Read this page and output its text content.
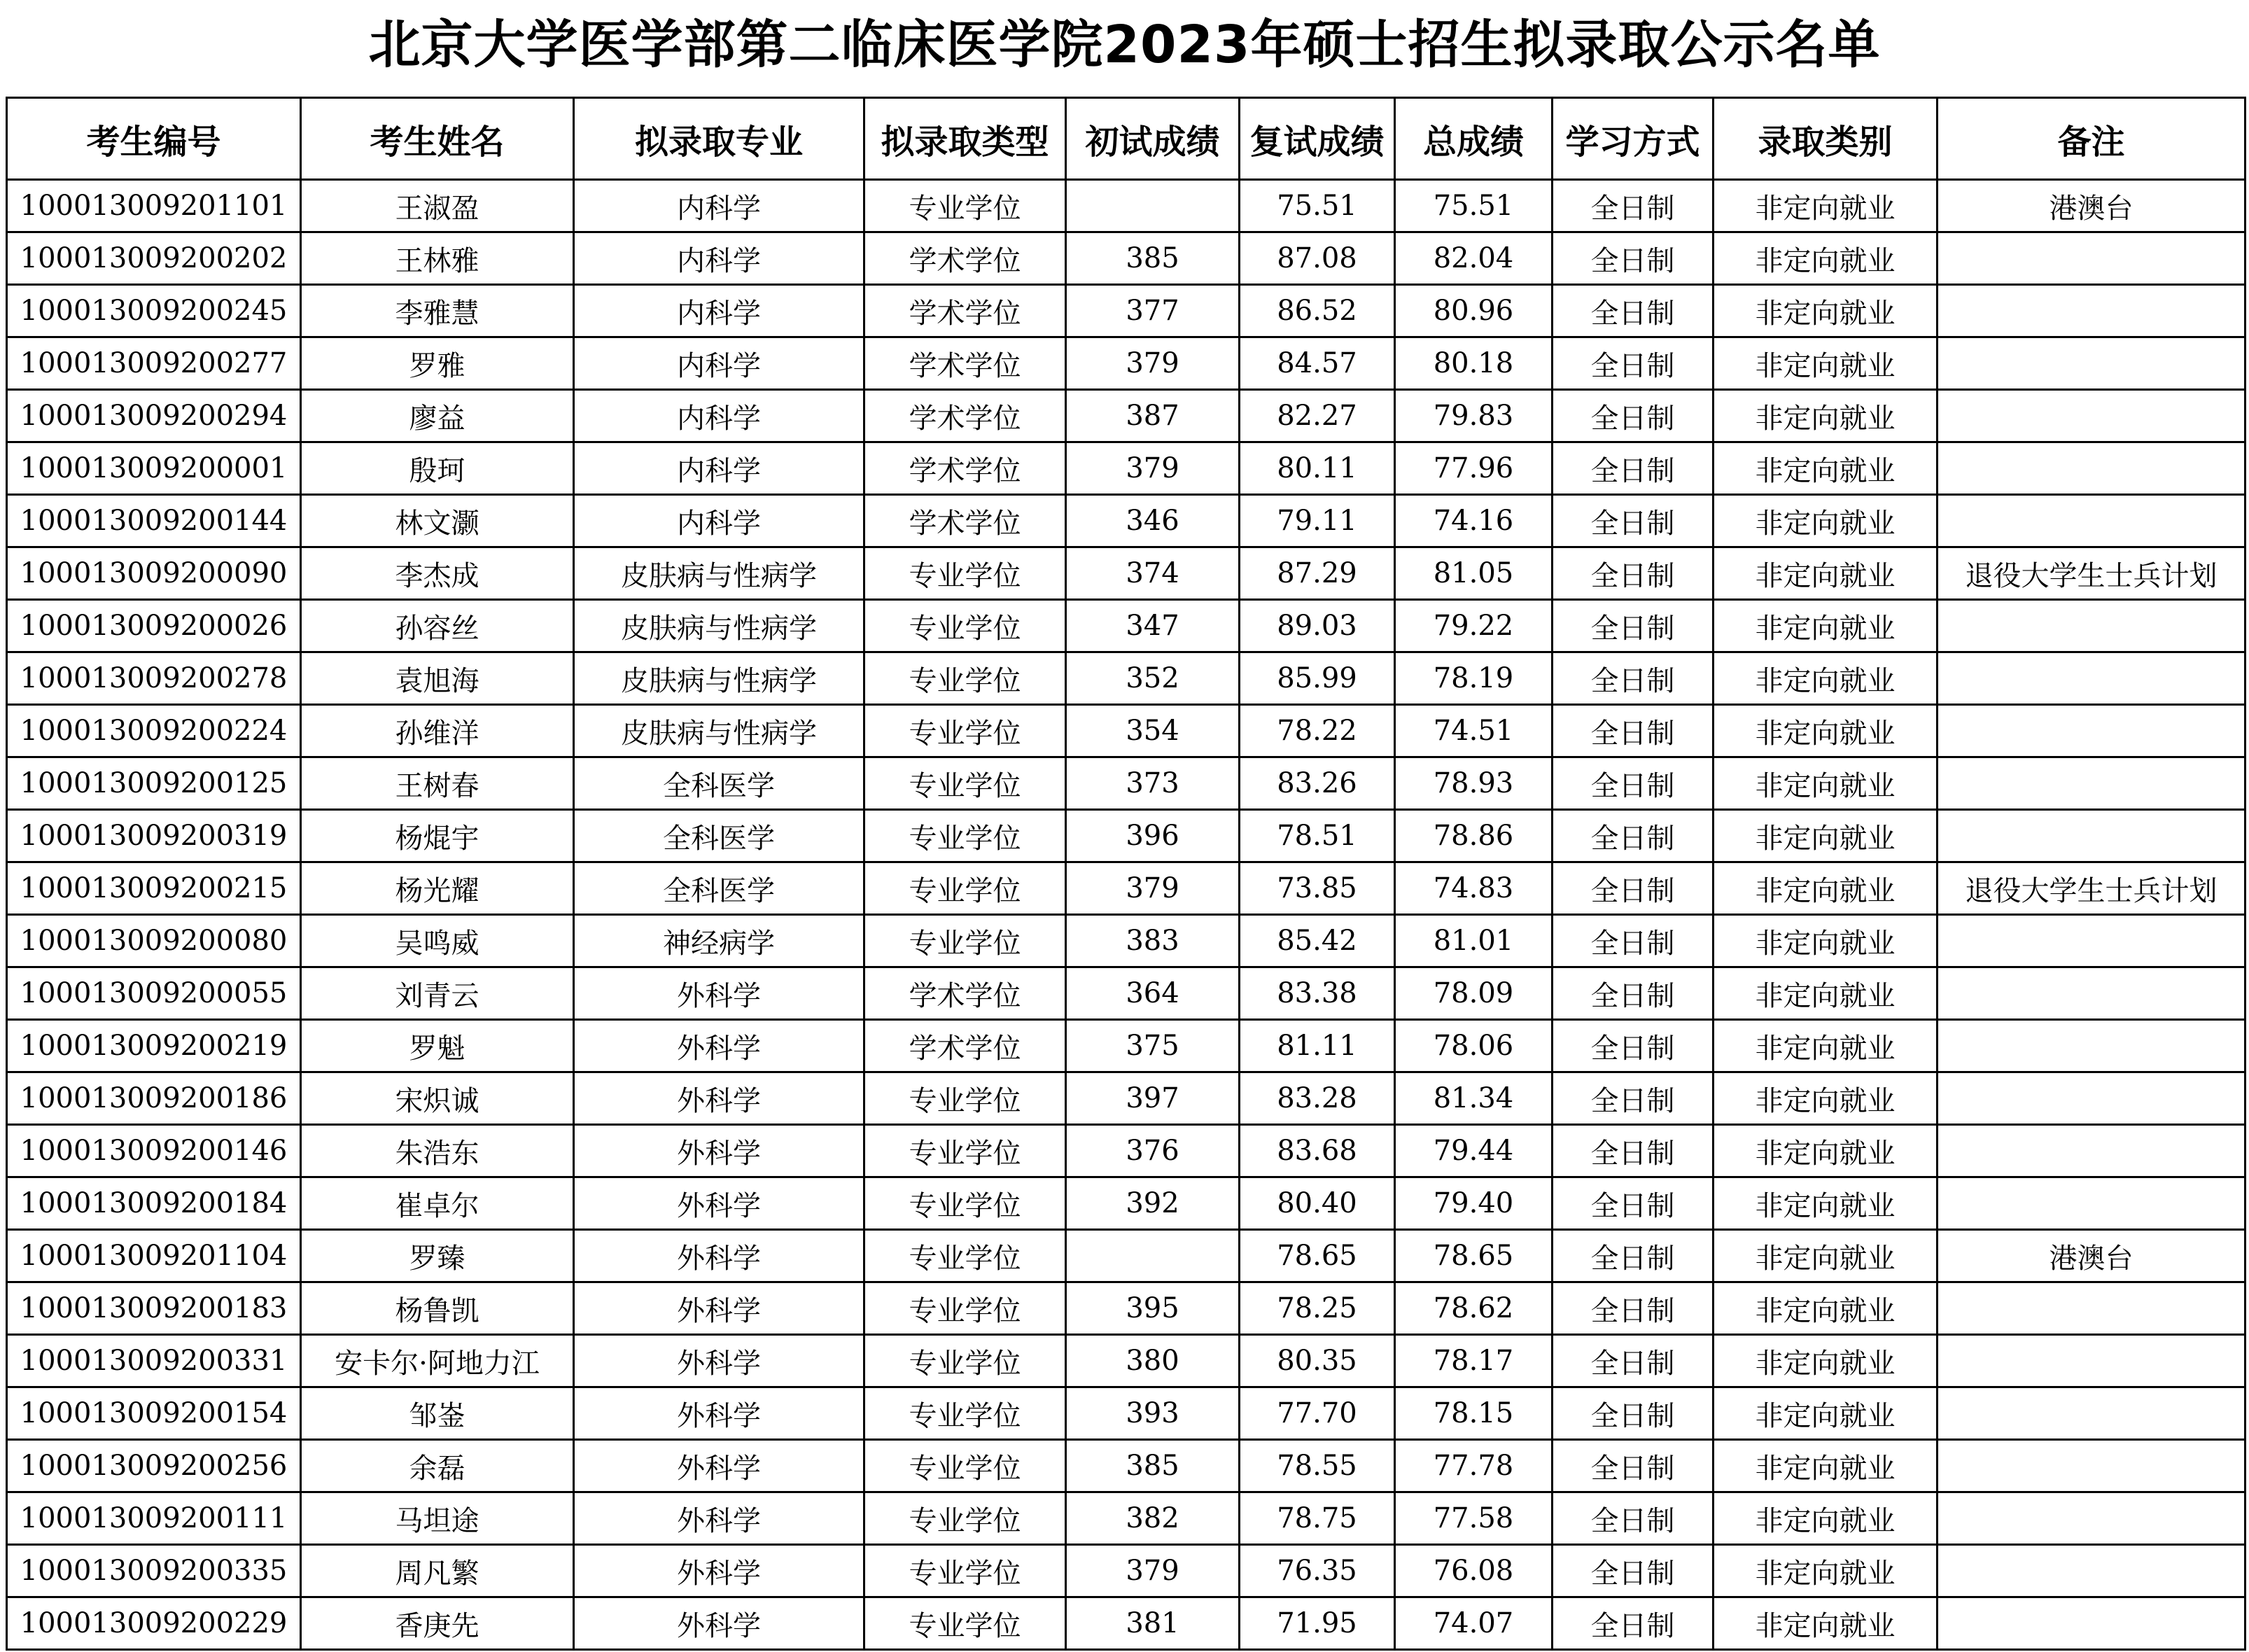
北京大学医学部第二临床医学院2023年硕士招生拟录取公示名单
考生编号	考生姓名	拟录取专业	拟录取类型	初试成绩	复试成绩	总成绩	学习方式	录取类别	备注
100013009201101	王淑盈	内科学	专业学位		75.51	75.51	全日制	非定向就业	港澳台
100013009200202	王林雅	内科学	学术学位	385	87.08	82.04	全日制	非定向就业	
100013009200245	李雅慧	内科学	学术学位	377	86.52	80.96	全日制	非定向就业	
100013009200277	罗雅	内科学	学术学位	379	84.57	80.18	全日制	非定向就业	
100013009200294	廖益	内科学	学术学位	387	82.27	79.83	全日制	非定向就业	
100013009200001	殷珂	内科学	学术学位	379	80.11	77.96	全日制	非定向就业	
100013009200144	林文灏	内科学	学术学位	346	79.11	74.16	全日制	非定向就业	
100013009200090	李杰成	皮肤病与性病学	专业学位	374	87.29	81.05	全日制	非定向就业	退役大学生士兵计划
100013009200026	孙容丝	皮肤病与性病学	专业学位	347	89.03	79.22	全日制	非定向就业	
100013009200278	袁旭海	皮肤病与性病学	专业学位	352	85.99	78.19	全日制	非定向就业	
100013009200224	孙维洋	皮肤病与性病学	专业学位	354	78.22	74.51	全日制	非定向就业	
100013009200125	王树春	全科医学	专业学位	373	83.26	78.93	全日制	非定向就业	
100013009200319	杨焜宇	全科医学	专业学位	396	78.51	78.86	全日制	非定向就业	
100013009200215	杨光耀	全科医学	专业学位	379	73.85	74.83	全日制	非定向就业	退役大学生士兵计划
100013009200080	吴鸣威	神经病学	专业学位	383	85.42	81.01	全日制	非定向就业	
100013009200055	刘青云	外科学	学术学位	364	83.38	78.09	全日制	非定向就业	
100013009200219	罗魁	外科学	学术学位	375	81.11	78.06	全日制	非定向就业	
100013009200186	宋炽诚	外科学	专业学位	397	83.28	81.34	全日制	非定向就业	
100013009200146	朱浩东	外科学	专业学位	376	83.68	79.44	全日制	非定向就业	
100013009200184	崔卓尔	外科学	专业学位	392	80.40	79.40	全日制	非定向就业	
100013009201104	罗臻	外科学	专业学位		78.65	78.65	全日制	非定向就业	港澳台
100013009200183	杨鲁凯	外科学	专业学位	395	78.25	78.62	全日制	非定向就业	
100013009200331	安卡尔·阿地力江	外科学	专业学位	380	80.35	78.17	全日制	非定向就业	
100013009200154	邹崟	外科学	专业学位	393	77.70	78.15	全日制	非定向就业	
100013009200256	余磊	外科学	专业学位	385	78.55	77.78	全日制	非定向就业	
100013009200111	马坦途	外科学	专业学位	382	78.75	77.58	全日制	非定向就业	
100013009200335	周凡繁	外科学	专业学位	379	76.35	76.08	全日制	非定向就业	
100013009200229	香庚先	外科学	专业学位	381	71.95	74.07	全日制	非定向就业	
